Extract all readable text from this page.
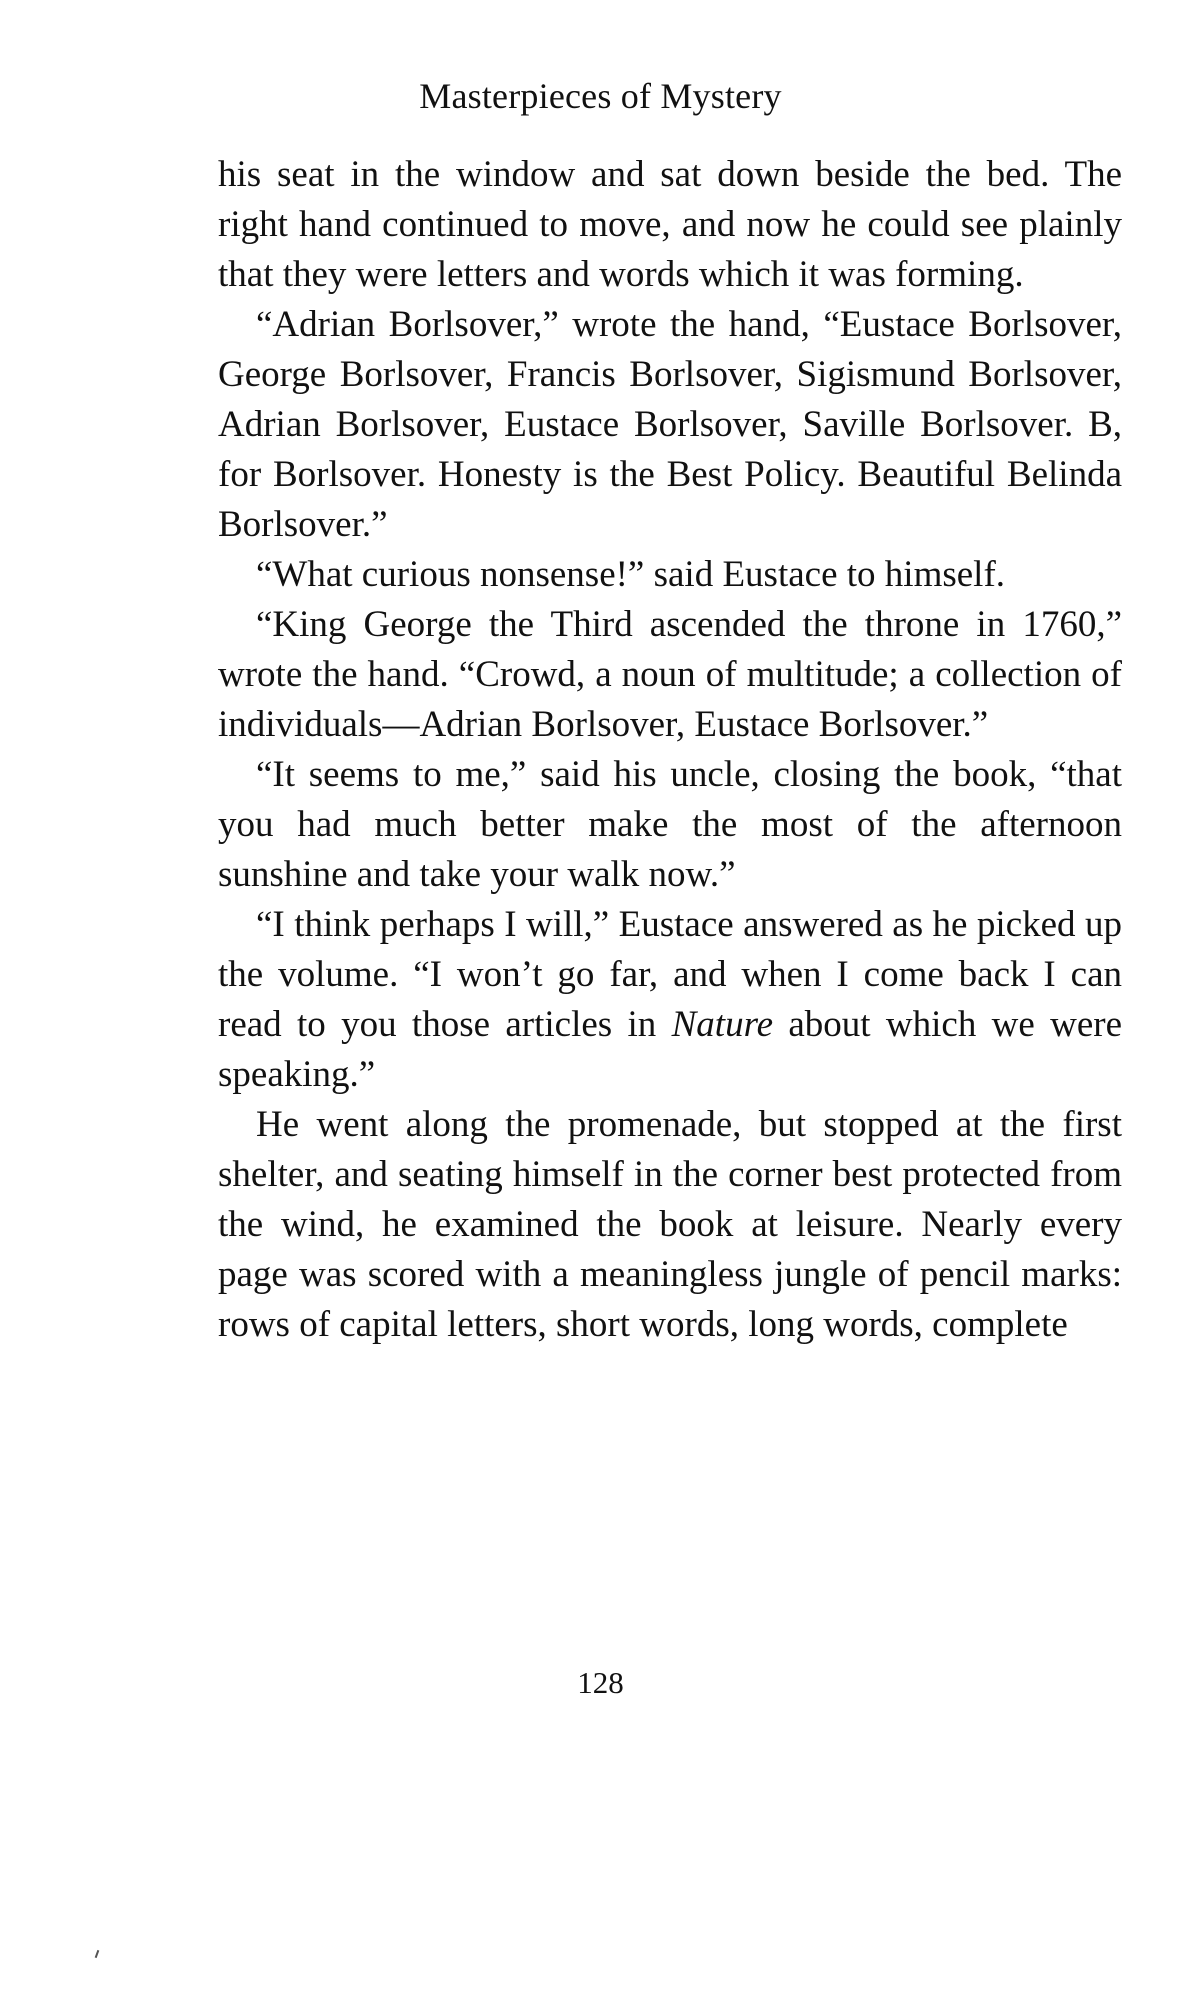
Masterpieces of Mystery

his seat in the window and sat down beside the bed. The right hand continued to move, and now he could see plainly that they were letters and words which it was forming.

“Adrian Borlsover,” wrote the hand, “Eustace Borlsover, George Borlsover, Francis Borlsover, Sigismund Borlsover, Adrian Borlsover, Eustace Borlsover, Saville Borlsover. B, for Borlsover. Honesty is the Best Policy. Beautiful Belinda Borlsover.”

“What curious nonsense!” said Eustace to himself.

“King George the Third ascended the throne in 1760,” wrote the hand. “Crowd, a noun of multitude; a collection of individuals—Adrian Borlsover, Eustace Borlsover.”

“It seems to me,” said his uncle, closing the book, “that you had much better make the most of the afternoon sunshine and take your walk now.”

“I think perhaps I will,” Eustace answered as he picked up the volume. “I won’t go far, and when I come back I can read to you those articles in Nature about which we were speaking.”

He went along the promenade, but stopped at the first shelter, and seating himself in the corner best protected from the wind, he examined the book at leisure. Nearly every page was scored with a meaningless jungle of pencil marks: rows of capital letters, short words, long words, complete

128
